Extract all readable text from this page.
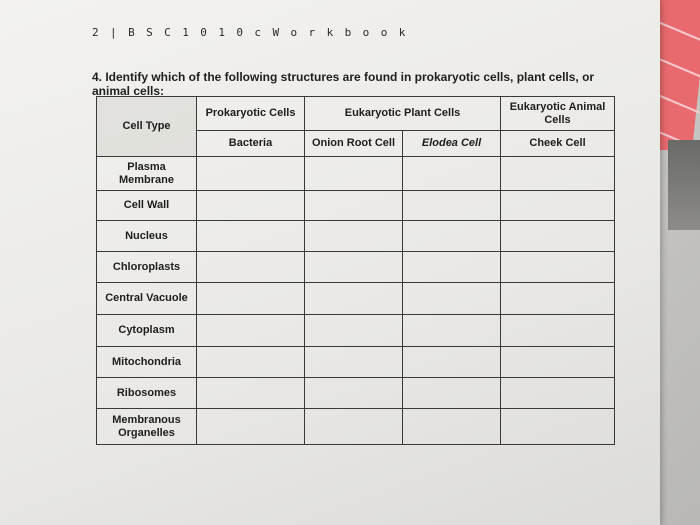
2 | B S C 1 0 1 0 c W o r k b o o k
4. Identify which of the following structures are found in prokaryotic cells, plant cells, or animal cells:
Cell Type	Prokaryotic Cells	Eukaryotic Plant Cells		Eukaryotic Animal Cells
	Bacteria	Onion Root Cell	Elodea Cell	Cheek Cell
Plasma Membrane				
Cell Wall				
Nucleus				
Chloroplasts				
Central Vacuole				
Cytoplasm				
Mitochondria				
Ribosomes				
Membranous Organelles				
